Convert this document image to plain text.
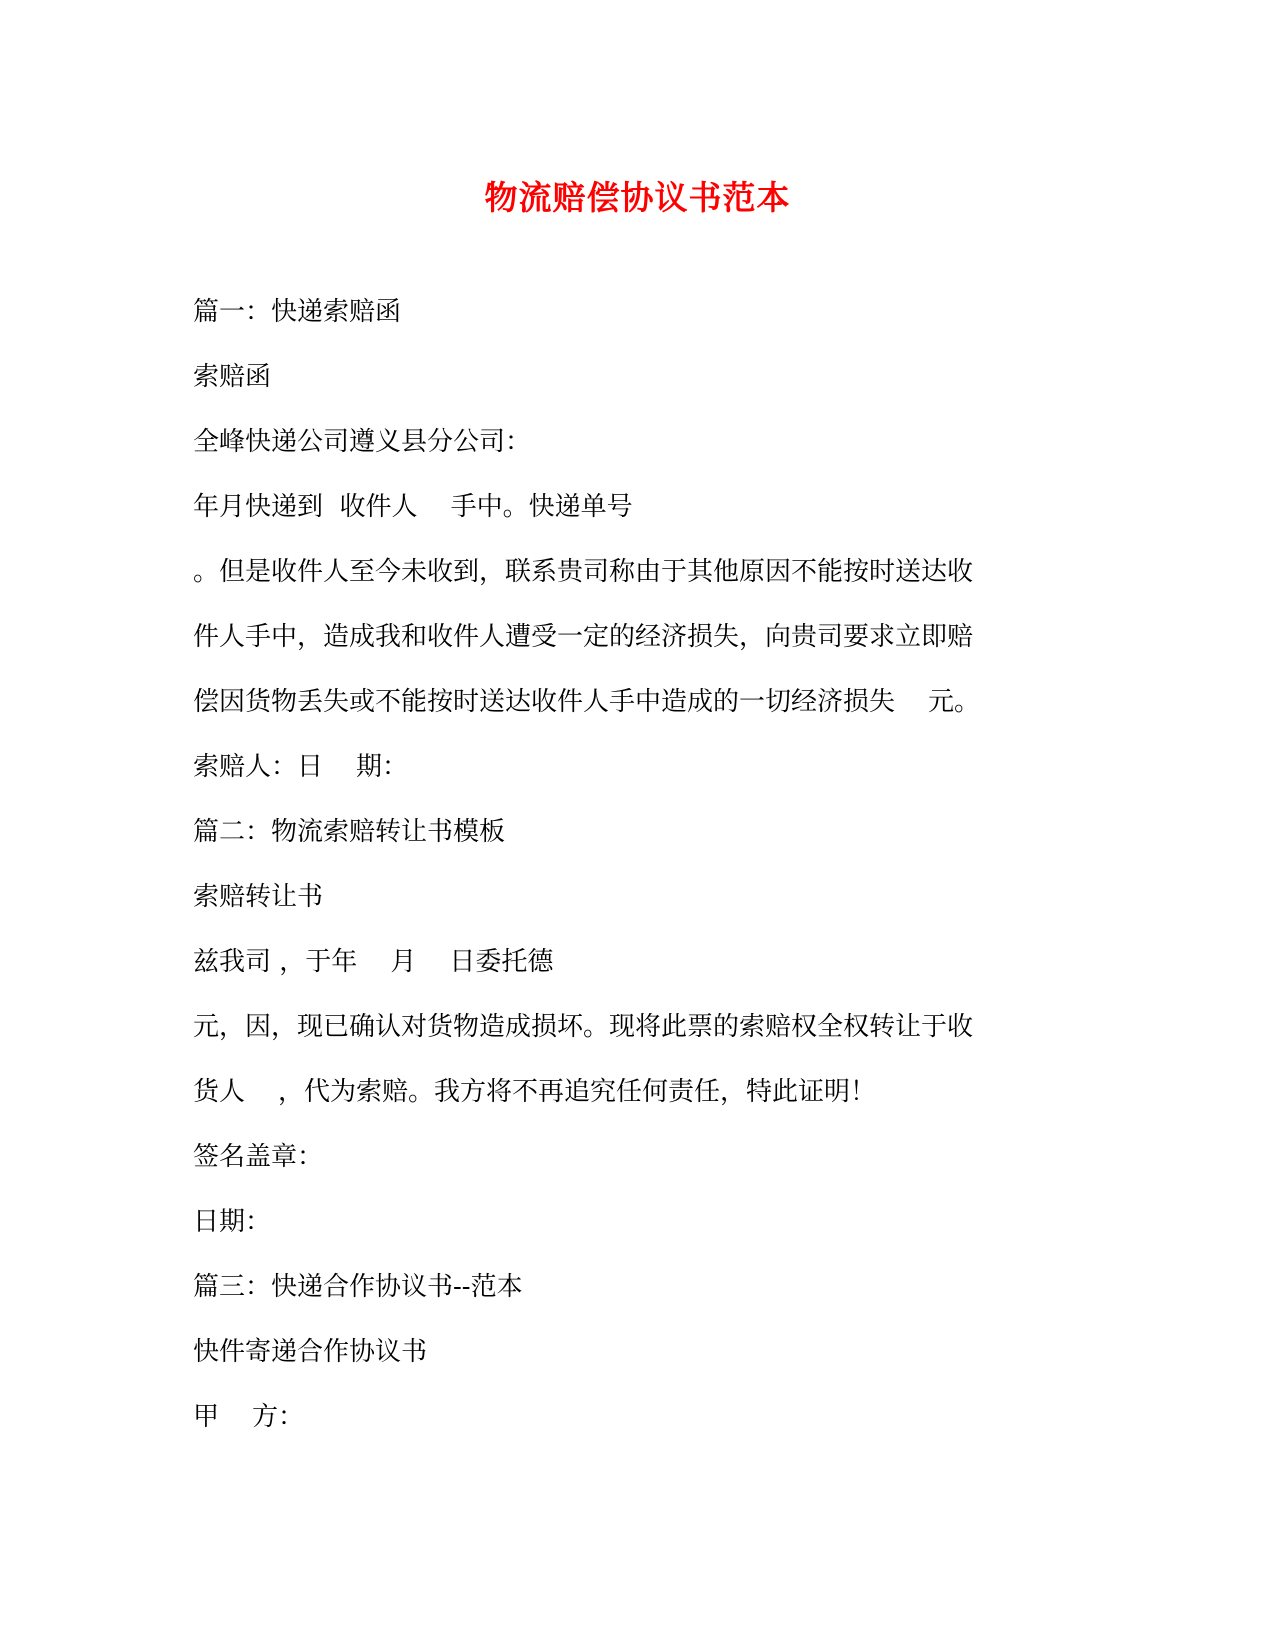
物流赔偿协议书范本
篇一：快递索赔函
索赔函
全峰快递公司遵义县分公司：
年月快递到  收件人    手中。快递单号
。但是收件人至今未收到，联系贵司称由于其他原因不能按时送达收
件人手中，造成我和收件人遭受一定的经济损失，向贵司要求立即赔
偿因货物丢失或不能按时送达收件人手中造成的一切经济损失    元。
索赔人：日    期：
篇二：物流索赔转让书模板
索赔转让书
兹我司 ，于年    月    日委托德
元，因，现已确认对货物造成损坏。现将此票的索赔权全权转让于收
货人    ，代为索赔。我方将不再追究任何责任，特此证明！
签名盖章：
日期：
篇三：快递合作协议书--范本
快件寄递合作协议书
甲    方：
